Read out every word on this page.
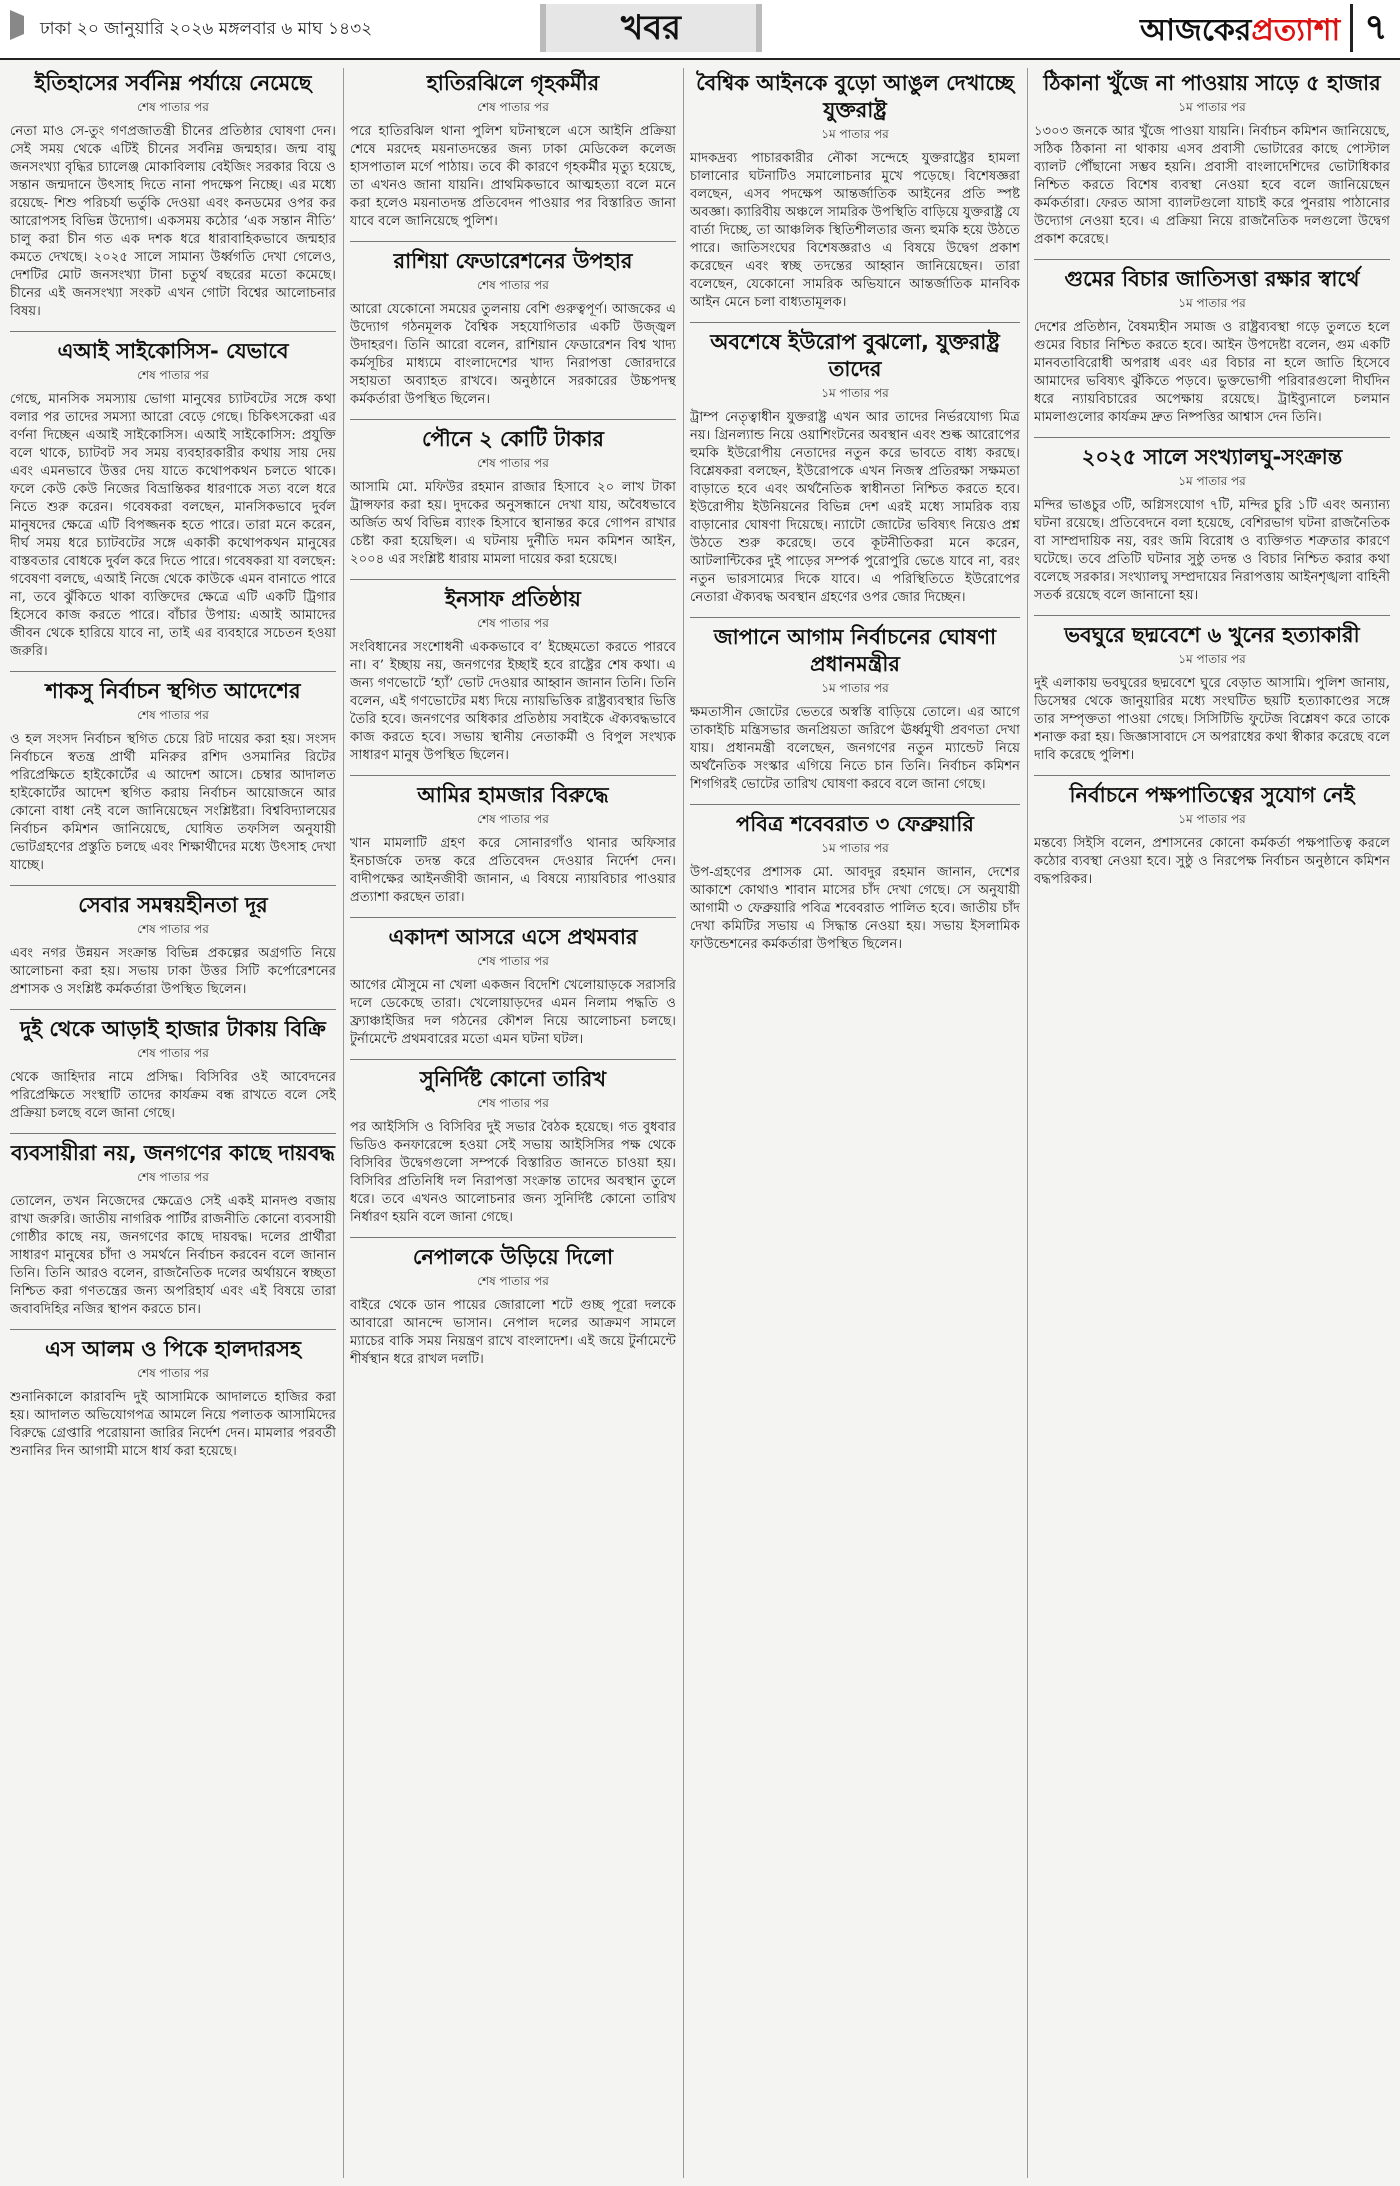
ঢাকা ২০ জানুয়ারি ২০২৬ মঙ্গলবার ৬ মাঘ ১৪৩২	খবর	আজকেরপ্রত্যাশা ৭
ইতিহাসের সর্বনিম্ন পর্যায়ে নেমেছে
শেষ পাতার পর
নেতা মাও সে-তুং গণপ্রজাতন্ত্রী চীনের প্রতিষ্ঠার ঘোষণা দেন। সেই সময় থেকে এটিই চীনের সর্বনিম্ন জন্মহার। জন্ম বায়ু জনসংখ্যা বৃদ্ধির চ্যালেঞ্জ মোকাবিলায় বেইজিং সরকার বিয়ে ও সন্তান জন্মদানে উৎসাহ দিতে নানা পদক্ষেপ নিচ্ছে। এর মধ্যে রয়েছে- শিশু পরিচর্যা ভর্তুকি দেওয়া এবং কনডমের ওপর কর আরোপসহ বিভিন্ন উদ্যোগ। একসময় কঠোর ‘এক সন্তান নীতি’ চালু করা চীন গত এক দশক ধরে ধারাবাহিকভাবে জন্মহার কমতে দেখছে। ২০২৫ সালে সামান্য উর্ধ্বগতি দেখা গেলেও, দেশটির মোট জনসংখ্যা টানা চতুর্থ বছরের মতো কমেছে। চীনের এই জনসংখ্যা সংকট এখন গোটা বিশ্বের আলোচনার বিষয়।
এআই সাইকোসিস- যেভাবে
শেষ পাতার পর
গেছে, মানসিক সমস্যায় ভোগা মানুষের চ্যাটবটের সঙ্গে কথা বলার পর তাদের সমস্যা আরো বেড়ে গেছে। চিকিৎসকেরা এর বর্ণনা দিচ্ছেন এআই সাইকোসিস। এআই সাইকোসিস: প্রযুক্তি বলে থাকে, চ্যাটবট সব সময় ব্যবহারকারীর কথায় সায় দেয় এবং এমনভাবে উত্তর দেয় যাতে কথোপকথন চলতে থাকে। ফলে কেউ কেউ নিজের বিভ্রান্তিকর ধারণাকে সত্য বলে ধরে নিতে শুরু করেন। গবেষকরা বলছেন, মানসিকভাবে দুর্বল মানুষদের ক্ষেত্রে এটি বিপজ্জনক হতে পারে। তারা মনে করেন, দীর্ঘ সময় ধরে চ্যাটবটের সঙ্গে একাকী কথোপকথন মানুষের বাস্তবতার বোধকে দুর্বল করে দিতে পারে। গবেষকরা যা বলছেন: গবেষণা বলছে, এআই নিজে থেকে কাউকে এমন বানাতে পারে না, তবে ঝুঁকিতে থাকা ব্যক্তিদের ক্ষেত্রে এটি একটি ট্রিগার হিসেবে কাজ করতে পারে। বাঁচার উপায়: এআই আমাদের জীবন থেকে হারিয়ে যাবে না, তাই এর ব্যবহারে সচেতন হওয়া জরুরি।
শাকসু নির্বাচন স্থগিত আদেশের
শেষ পাতার পর
ও হল সংসদ নির্বাচন স্থগিত চেয়ে রিট দায়ের করা হয়। সংসদ নির্বাচনে স্বতন্ত্র প্রার্থী মনিরুর রশিদ ওসমানির রিটের পরিপ্রেক্ষিতে হাইকোর্টের এ আদেশ আসে। চেম্বার আদালত হাইকোর্টের আদেশ স্থগিত করায় নির্বাচন আয়োজনে আর কোনো বাধা নেই বলে জানিয়েছেন সংশ্লিষ্টরা। বিশ্ববিদ্যালয়ের নির্বাচন কমিশন জানিয়েছে, ঘোষিত তফসিল অনুযায়ী ভোটগ্রহণের প্রস্তুতি চলছে এবং শিক্ষার্থীদের মধ্যে উৎসাহ দেখা যাচ্ছে।
সেবার সমন্বয়হীনতা দূর
শেষ পাতার পর
এবং নগর উন্নয়ন সংক্রান্ত বিভিন্ন প্রকল্পের অগ্রগতি নিয়ে আলোচনা করা হয়। সভায় ঢাকা উত্তর সিটি কর্পোরেশনের প্রশাসক ও সংশ্লিষ্ট কর্মকর্তারা উপস্থিত ছিলেন।
দুই থেকে আড়াই হাজার টাকায় বিক্রি
শেষ পাতার পর
থেকে জাহিদার নামে প্রসিদ্ধ। বিসিবির ওই আবেদনের পরিপ্রেক্ষিতে সংস্থাটি তাদের কার্যক্রম বন্ধ রাখতে বলে সেই প্রক্রিয়া চলছে বলে জানা গেছে।
ব্যবসায়ীরা নয়, জনগণের কাছে দায়বদ্ধ
শেষ পাতার পর
তোলেন, তখন নিজেদের ক্ষেত্রেও সেই একই মানদণ্ড বজায় রাখা জরুরি। জাতীয় নাগরিক পার্টির রাজনীতি কোনো ব্যবসায়ী গোষ্ঠীর কাছে নয়, জনগণের কাছে দায়বদ্ধ। দলের প্রার্থীরা সাধারণ মানুষের চাঁদা ও সমর্থনে নির্বাচন করবেন বলে জানান তিনি। তিনি আরও বলেন, রাজনৈতিক দলের অর্থায়নে স্বচ্ছতা নিশ্চিত করা গণতন্ত্রের জন্য অপরিহার্য এবং এই বিষয়ে তারা জবাবদিহির নজির স্থাপন করতে চান।
এস আলম ও পিকে হালদারসহ
শেষ পাতার পর
শুনানিকালে কারাবন্দি দুই আসামিকে আদালতে হাজির করা হয়। আদালত অভিযোগপত্র আমলে নিয়ে পলাতক আসামিদের বিরুদ্ধে গ্রেপ্তারি পরোয়ানা জারির নির্দেশ দেন। মামলার পরবর্তী শুনানির দিন আগামী মাসে ধার্য করা হয়েছে।
হাতিরঝিলে গৃহকর্মীর
শেষ পাতার পর
পরে হাতিরঝিল থানা পুলিশ ঘটনাস্থলে এসে আইনি প্রক্রিয়া শেষে মরদেহ ময়নাতদন্তের জন্য ঢাকা মেডিকেল কলেজ হাসপাতাল মর্গে পাঠায়। তবে কী কারণে গৃহকর্মীর মৃত্যু হয়েছে, তা এখনও জানা যায়নি। প্রাথমিকভাবে আত্মহত্যা বলে মনে করা হলেও ময়নাতদন্ত প্রতিবেদন পাওয়ার পর বিস্তারিত জানা যাবে বলে জানিয়েছে পুলিশ।
রাশিয়া ফেডারেশনের উপহার
শেষ পাতার পর
আরো যেকোনো সময়ের তুলনায় বেশি গুরুত্বপূর্ণ। আজকের এ উদ্যোগ গঠনমূলক বৈশ্বিক সহযোগিতার একটি উজ্জ্বল উদাহরণ। তিনি আরো বলেন, রাশিয়ান ফেডারেশন বিশ্ব খাদ্য কর্মসূচির মাধ্যমে বাংলাদেশের খাদ্য নিরাপত্তা জোরদারে সহায়তা অব্যাহত রাখবে। অনুষ্ঠানে সরকারের উচ্চপদস্থ কর্মকর্তারা উপস্থিত ছিলেন।
পৌনে ২ কোটি টাকার
শেষ পাতার পর
আসামি মো. মফিউর রহমান রাজার হিসাবে ২০ লাখ টাকা ট্রান্সফার করা হয়। দুদকের অনুসন্ধানে দেখা যায়, অবৈধভাবে অর্জিত অর্থ বিভিন্ন ব্যাংক হিসাবে স্থানান্তর করে গোপন রাখার চেষ্টা করা হয়েছিল। এ ঘটনায় দুর্নীতি দমন কমিশন আইন, ২০০৪ এর সংশ্লিষ্ট ধারায় মামলা দায়ের করা হয়েছে।
ইনসাফ প্রতিষ্ঠায়
শেষ পাতার পর
সংবিধানের সংশোধনী এককভাবে ব’ ইচ্ছেমতো করতে পারবে না। ব’ ইচ্ছায় নয়, জনগণের ইচ্ছাই হবে রাষ্ট্রের শেষ কথা। এ জন্য গণভোটে ‘হ্যাঁ’ ভোট দেওয়ার আহ্বান জানান তিনি। তিনি বলেন, এই গণভোটের মধ্য দিয়ে ন্যায়ভিত্তিক রাষ্ট্রব্যবস্থার ভিত্তি তৈরি হবে। জনগণের অধিকার প্রতিষ্ঠায় সবাইকে ঐক্যবদ্ধভাবে কাজ করতে হবে। সভায় স্থানীয় নেতাকর্মী ও বিপুল সংখ্যক সাধারণ মানুষ উপস্থিত ছিলেন।
আমির হামজার বিরুদ্ধে
শেষ পাতার পর
খান মামলাটি গ্রহণ করে সোনারগাঁও থানার অফিসার ইনচার্জকে তদন্ত করে প্রতিবেদন দেওয়ার নির্দেশ দেন। বাদীপক্ষের আইনজীবী জানান, এ বিষয়ে ন্যায়বিচার পাওয়ার প্রত্যাশা করছেন তারা।
একাদশ আসরে এসে প্রথমবার
শেষ পাতার পর
আগের মৌসুমে না খেলা একজন বিদেশি খেলোয়াড়কে সরাসরি দলে ডেকেছে তারা। খেলোয়াড়দের এমন নিলাম পদ্ধতি ও ফ্র্যাঞ্চাইজির দল গঠনের কৌশল নিয়ে আলোচনা চলছে। টুর্নামেন্টে প্রথমবারের মতো এমন ঘটনা ঘটল।
সুনির্দিষ্ট কোনো তারিখ
শেষ পাতার পর
পর আইসিসি ও বিসিবির দুই সভার বৈঠক হয়েছে। গত বুধবার ভিডিও কনফারেন্সে হওয়া সেই সভায় আইসিসির পক্ষ থেকে বিসিবির উদ্বেগগুলো সম্পর্কে বিস্তারিত জানতে চাওয়া হয়। বিসিবির প্রতিনিধি দল নিরাপত্তা সংক্রান্ত তাদের অবস্থান তুলে ধরে। তবে এখনও আলোচনার জন্য সুনির্দিষ্ট কোনো তারিখ নির্ধারণ হয়নি বলে জানা গেছে।
নেপালকে উড়িয়ে দিলো
শেষ পাতার পর
বাইরে থেকে ডান পায়ের জোরালো শটে গুচ্ছ পূরো দলকে আবারো আনন্দে ভাসান। নেপাল দলের আক্রমণ সামলে ম্যাচের বাকি সময় নিয়ন্ত্রণ রাখে বাংলাদেশ। এই জয়ে টুর্নামেন্টে শীর্ষস্থান ধরে রাখল দলটি।
বৈশ্বিক আইনকে বুড়ো আঙুল দেখাচ্ছে যুক্তরাষ্ট্র
১ম পাতার পর
মাদকদ্রব্য পাচারকারীর নৌকা সন্দেহে যুক্তরাষ্ট্রের হামলা চালানোর ঘটনাটিও সমালোচনার মুখে পড়েছে। বিশেষজ্ঞরা বলছেন, এসব পদক্ষেপ আন্তর্জাতিক আইনের প্রতি স্পষ্ট অবজ্ঞা। ক্যারিবীয় অঞ্চলে সামরিক উপস্থিতি বাড়িয়ে যুক্তরাষ্ট্র যে বার্তা দিচ্ছে, তা আঞ্চলিক স্থিতিশীলতার জন্য হুমকি হয়ে উঠতে পারে। জাতিসংঘের বিশেষজ্ঞরাও এ বিষয়ে উদ্বেগ প্রকাশ করেছেন এবং স্বচ্ছ তদন্তের আহ্বান জানিয়েছেন। তারা বলেছেন, যেকোনো সামরিক অভিযানে আন্তর্জাতিক মানবিক আইন মেনে চলা বাধ্যতামূলক।
অবশেষে ইউরোপ বুঝলো, যুক্তরাষ্ট্র তাদের
১ম পাতার পর
ট্রাম্প নেতৃত্বাধীন যুক্তরাষ্ট্র এখন আর তাদের নির্ভরযোগ্য মিত্র নয়। গ্রিনল্যান্ড নিয়ে ওয়াশিংটনের অবস্থান এবং শুল্ক আরোপের হুমকি ইউরোপীয় নেতাদের নতুন করে ভাবতে বাধ্য করছে। বিশ্লেষকরা বলছেন, ইউরোপকে এখন নিজস্ব প্রতিরক্ষা সক্ষমতা বাড়াতে হবে এবং অর্থনৈতিক স্বাধীনতা নিশ্চিত করতে হবে। ইউরোপীয় ইউনিয়নের বিভিন্ন দেশ এরই মধ্যে সামরিক ব্যয় বাড়ানোর ঘোষণা দিয়েছে। ন্যাটো জোটের ভবিষ্যৎ নিয়েও প্রশ্ন উঠতে শুরু করেছে। তবে কূটনীতিকরা মনে করেন, আটলান্টিকের দুই পাড়ের সম্পর্ক পুরোপুরি ভেঙে যাবে না, বরং নতুন ভারসাম্যের দিকে যাবে। এ পরিস্থিতিতে ইউরোপের নেতারা ঐক্যবদ্ধ অবস্থান গ্রহণের ওপর জোর দিচ্ছেন।
জাপানে আগাম নির্বাচনের ঘোষণা প্রধানমন্ত্রীর
১ম পাতার পর
ক্ষমতাসীন জোটের ভেতরে অস্বস্তি বাড়িয়ে তোলে। এর আগে তাকাইচি মন্ত্রিসভার জনপ্রিয়তা জরিপে ঊর্ধ্বমুখী প্রবণতা দেখা যায়। প্রধানমন্ত্রী বলেছেন, জনগণের নতুন ম্যান্ডেট নিয়ে অর্থনৈতিক সংস্কার এগিয়ে নিতে চান তিনি। নির্বাচন কমিশন শিগগিরই ভোটের তারিখ ঘোষণা করবে বলে জানা গেছে।
পবিত্র শবেবরাত ৩ ফেব্রুয়ারি
১ম পাতার পর
উপ-গ্রহণের প্রশাসক মো. আবদুর রহমান জানান, দেশের আকাশে কোথাও শাবান মাসের চাঁদ দেখা গেছে। সে অনুযায়ী আগামী ৩ ফেব্রুয়ারি পবিত্র শবেবরাত পালিত হবে। জাতীয় চাঁদ দেখা কমিটির সভায় এ সিদ্ধান্ত নেওয়া হয়। সভায় ইসলামিক ফাউন্ডেশনের কর্মকর্তারা উপস্থিত ছিলেন।
ঠিকানা খুঁজে না পাওয়ায় সাড়ে ৫ হাজার
১ম পাতার পর
১৩০৩ জনকে আর খুঁজে পাওয়া যায়নি। নির্বাচন কমিশন জানিয়েছে, সঠিক ঠিকানা না থাকায় এসব প্রবাসী ভোটারের কাছে পোস্টাল ব্যালট পৌঁছানো সম্ভব হয়নি। প্রবাসী বাংলাদেশিদের ভোটাধিকার নিশ্চিত করতে বিশেষ ব্যবস্থা নেওয়া হবে বলে জানিয়েছেন কর্মকর্তারা। ফেরত আসা ব্যালটগুলো যাচাই করে পুনরায় পাঠানোর উদ্যোগ নেওয়া হবে। এ প্রক্রিয়া নিয়ে রাজনৈতিক দলগুলো উদ্বেগ প্রকাশ করেছে।
গুমের বিচার জাতিসত্তা রক্ষার স্বার্থে
১ম পাতার পর
দেশের প্রতিষ্ঠান, বৈষম্যহীন সমাজ ও রাষ্ট্রব্যবস্থা গড়ে তুলতে হলে গুমের বিচার নিশ্চিত করতে হবে। আইন উপদেষ্টা বলেন, গুম একটি মানবতাবিরোধী অপরাধ এবং এর বিচার না হলে জাতি হিসেবে আমাদের ভবিষ্যৎ ঝুঁকিতে পড়বে। ভুক্তভোগী পরিবারগুলো দীর্ঘদিন ধরে ন্যায়বিচারের অপেক্ষায় রয়েছে। ট্রাইব্যুনালে চলমান মামলাগুলোর কার্যক্রম দ্রুত নিষ্পত্তির আশ্বাস দেন তিনি।
২০২৫ সালে সংখ্যালঘু-সংক্রান্ত
১ম পাতার পর
মন্দির ভাঙচুর ৩টি, অগ্নিসংযোগ ৭টি, মন্দির চুরি ১টি এবং অন্যান্য ঘটনা রয়েছে। প্রতিবেদনে বলা হয়েছে, বেশিরভাগ ঘটনা রাজনৈতিক বা সাম্প্রদায়িক নয়, বরং জমি বিরোধ ও ব্যক্তিগত শত্রুতার কারণে ঘটেছে। তবে প্রতিটি ঘটনার সুষ্ঠু তদন্ত ও বিচার নিশ্চিত করার কথা বলেছে সরকার। সংখ্যালঘু সম্প্রদায়ের নিরাপত্তায় আইনশৃঙ্খলা বাহিনী সতর্ক রয়েছে বলে জানানো হয়।
ভবঘুরে ছদ্মবেশে ৬ খুনের হত্যাকারী
১ম পাতার পর
দুই এলাকায় ভবঘুরের ছদ্মবেশে ঘুরে বেড়াত আসামি। পুলিশ জানায়, ডিসেম্বর থেকে জানুয়ারির মধ্যে সংঘটিত ছয়টি হত্যাকাণ্ডের সঙ্গে তার সম্পৃক্ততা পাওয়া গেছে। সিসিটিভি ফুটেজ বিশ্লেষণ করে তাকে শনাক্ত করা হয়। জিজ্ঞাসাবাদে সে অপরাধের কথা স্বীকার করেছে বলে দাবি করেছে পুলিশ।
নির্বাচনে পক্ষপাতিত্বের সুযোগ নেই
১ম পাতার পর
মন্তব্যে সিইসি বলেন, প্রশাসনের কোনো কর্মকর্তা পক্ষপাতিত্ব করলে কঠোর ব্যবস্থা নেওয়া হবে। সুষ্ঠু ও নিরপেক্ষ নির্বাচন অনুষ্ঠানে কমিশন বদ্ধপরিকর।
